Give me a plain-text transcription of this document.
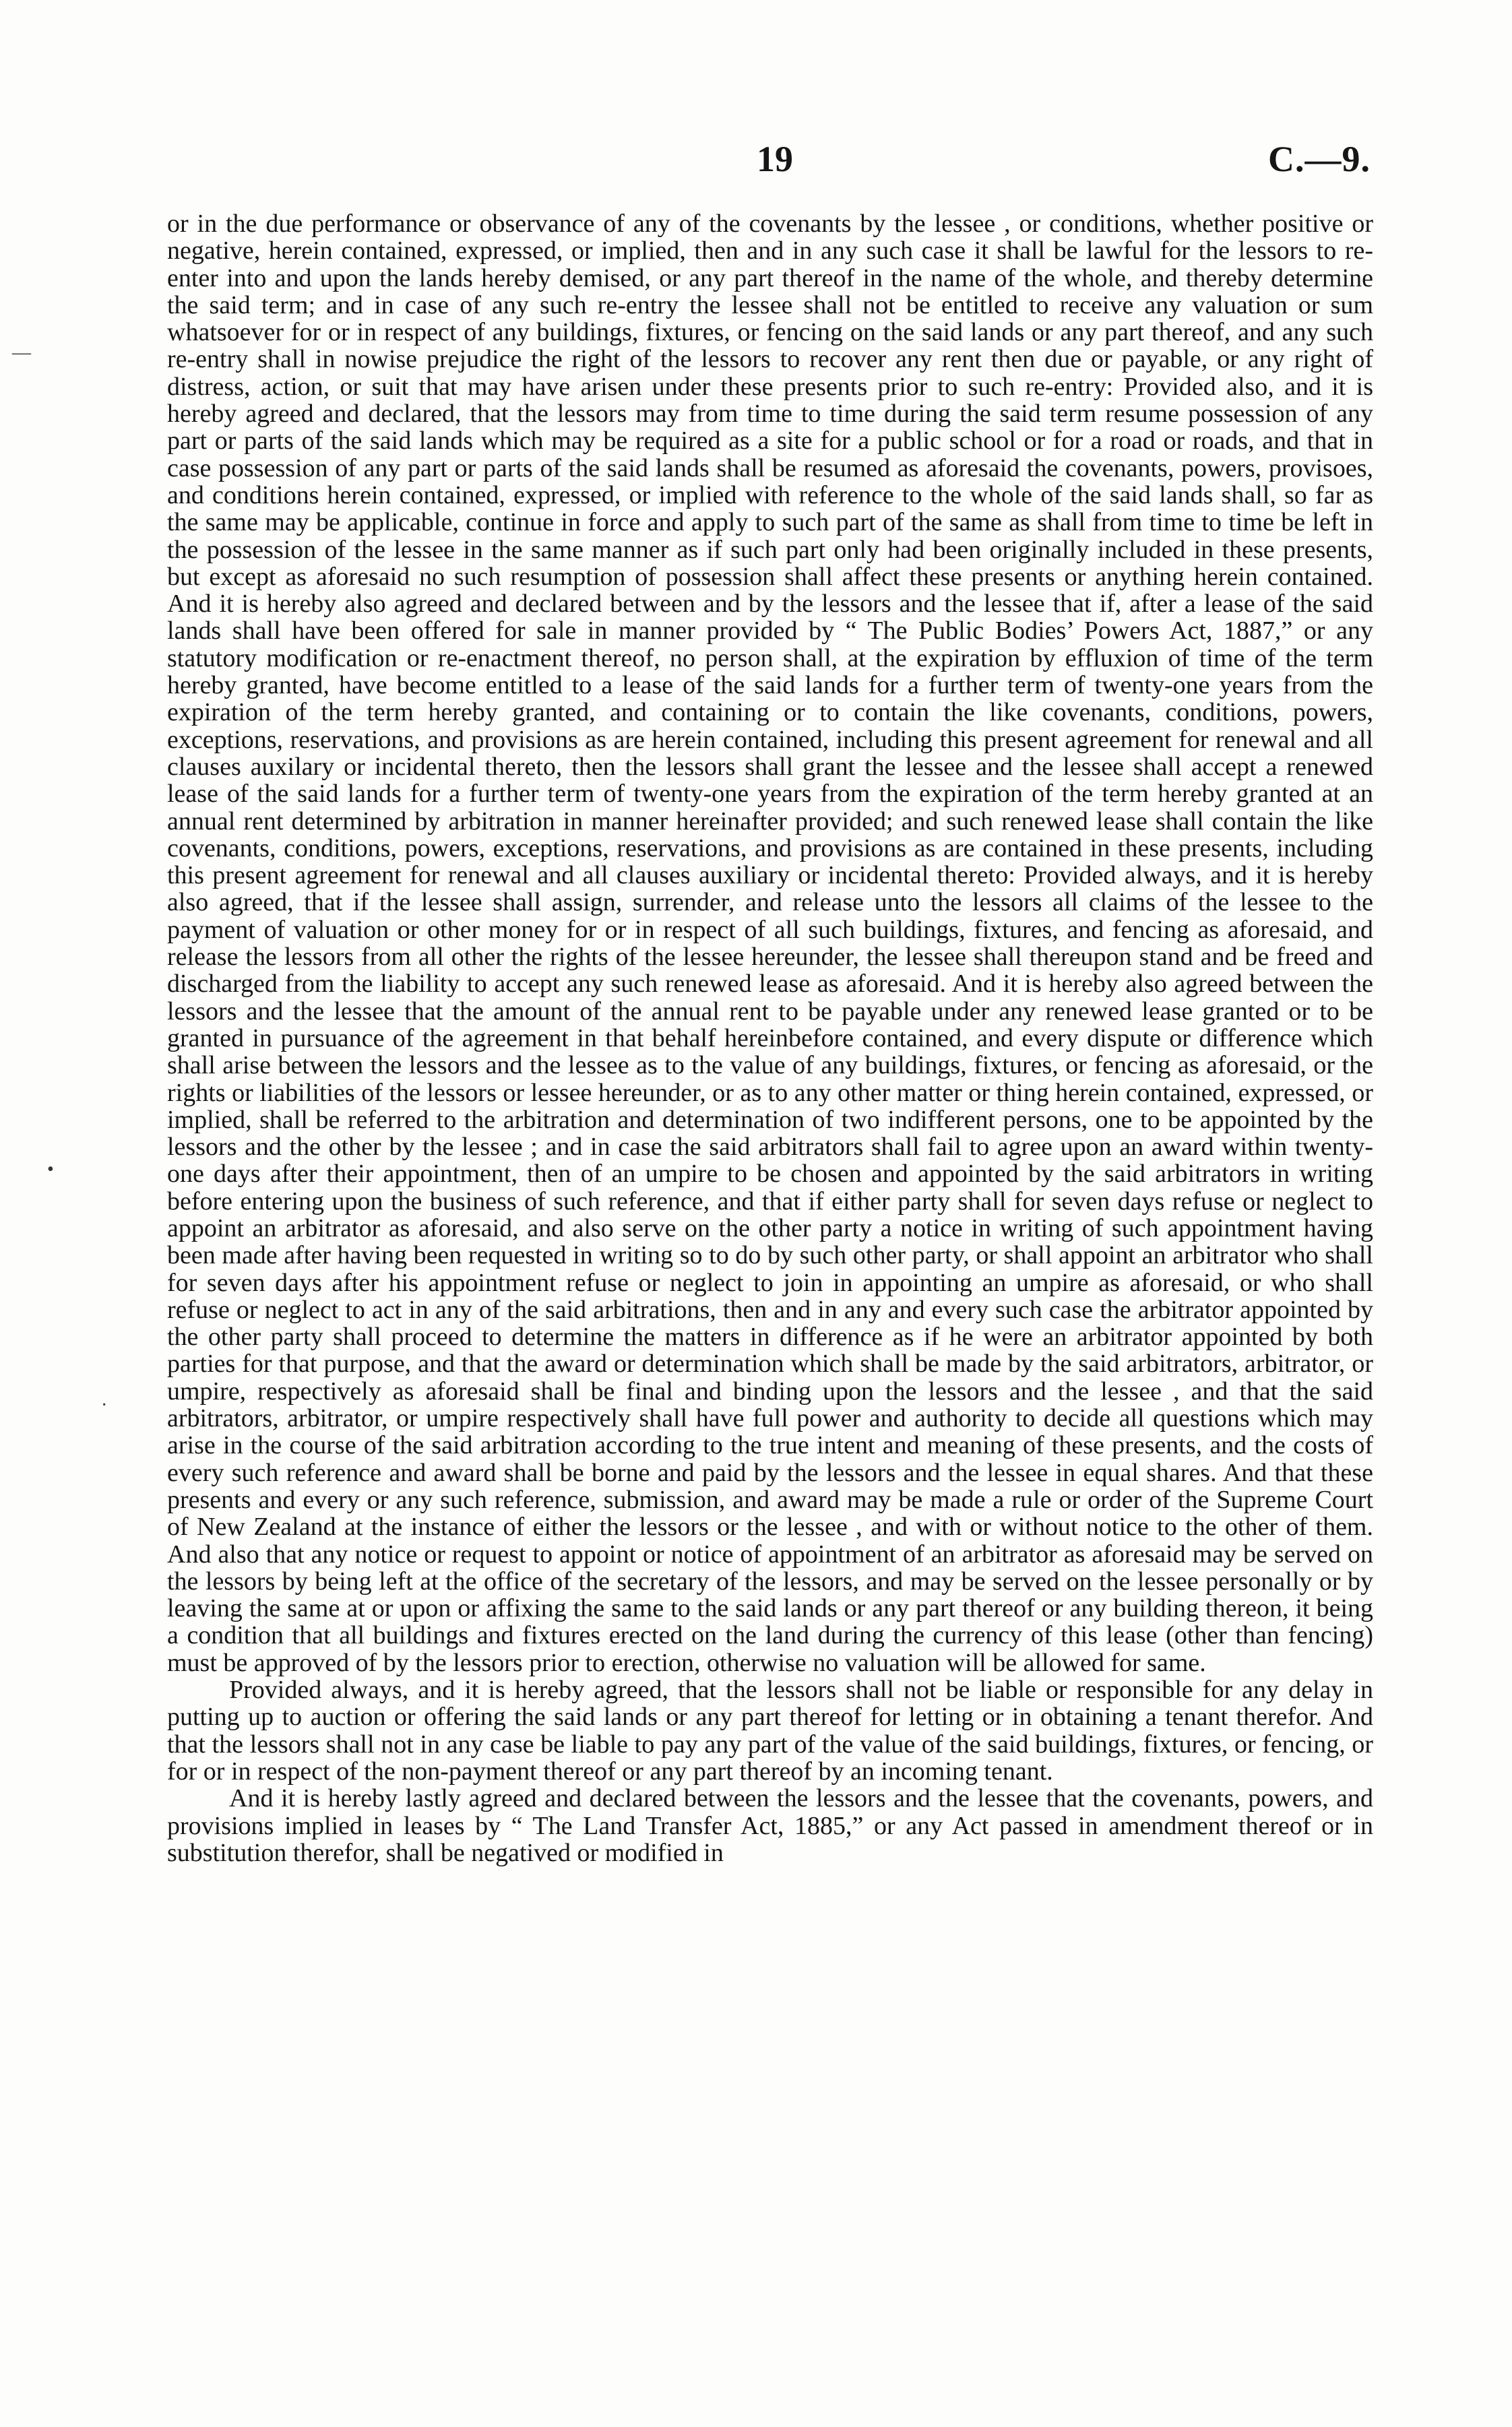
19	C.—9.
—
•
·

or in the due performance or observance of any of the covenants by the lessee , or conditions, whether positive or negative, herein contained, expressed, or implied, then and in any such case it shall be lawful for the lessors to re-enter into and upon the lands hereby demised, or any part thereof in the name of the whole, and thereby determine the said term; and in case of any such re-entry the lessee shall not be entitled to receive any valuation or sum whatsoever for or in respect of any buildings, fixtures, or fencing on the said lands or any part thereof, and any such re-entry shall in nowise prejudice the right of the lessors to recover any rent then due or payable, or any right of distress, action, or suit that may have arisen under these presents prior to such re-entry: Provided also, and it is hereby agreed and declared, that the lessors may from time to time during the said term resume possession of any part or parts of the said lands which may be required as a site for a public school or for a road or roads, and that in case possession of any part or parts of the said lands shall be resumed as aforesaid the covenants, powers, provisoes, and conditions herein contained, expressed, or implied with reference to the whole of the said lands shall, so far as the same may be applicable, continue in force and apply to such part of the same as shall from time to time be left in the possession of the lessee in the same manner as if such part only had been originally included in these presents, but except as aforesaid no such resumption of possession shall affect these presents or anything herein contained. And it is hereby also agreed and declared between and by the lessors and the lessee that if, after a lease of the said lands shall have been offered for sale in manner provided by “ The Public Bodies’ Powers Act, 1887,” or any statutory modification or re-enactment thereof, no person shall, at the expiration by effluxion of time of the term hereby granted, have become entitled to a lease of the said lands for a further term of twenty-one years from the expiration of the term hereby granted, and containing or to contain the like covenants, conditions, powers, exceptions, reservations, and provisions as are herein contained, including this present agreement for renewal and all clauses auxilary or incidental thereto, then the lessors shall grant the lessee and the lessee shall accept a renewed lease of the said lands for a further term of twenty-one years from the expiration of the term hereby granted at an annual rent determined by arbitration in manner hereinafter provided; and such renewed lease shall contain the like covenants, conditions, powers, exceptions, reservations, and provisions as are contained in these presents, including this present agreement for renewal and all clauses auxiliary or incidental thereto: Provided always, and it is hereby also agreed, that if the lessee shall assign, surrender, and release unto the lessors all claims of the lessee to the payment of valuation or other money for or in respect of all such buildings, fixtures, and fencing as aforesaid, and release the lessors from all other the rights of the lessee hereunder, the lessee shall thereupon stand and be freed and discharged from the liability to accept any such renewed lease as aforesaid. And it is hereby also agreed between the lessors and the lessee that the amount of the annual rent to be payable under any renewed lease granted or to be granted in pursuance of the agreement in that behalf hereinbefore contained, and every dispute or difference which shall arise between the lessors and the lessee as to the value of any buildings, fixtures, or fencing as aforesaid, or the rights or liabilities of the lessors or lessee hereunder, or as to any other matter or thing herein contained, expressed, or implied, shall be referred to the arbitration and determination of two indifferent persons, one to be appointed by the lessors and the other by the lessee ; and in case the said arbitrators shall fail to agree upon an award within twenty-one days after their appointment, then of an umpire to be chosen and appointed by the said arbitrators in writing before entering upon the business of such reference, and that if either party shall for seven days refuse or neglect to appoint an arbitrator as aforesaid, and also serve on the other party a notice in writing of such appointment having been made after having been requested in writing so to do by such other party, or shall appoint an arbitrator who shall for seven days after his appointment refuse or neglect to join in appointing an umpire as aforesaid, or who shall refuse or neglect to act in any of the said arbitrations, then and in any and every such case the arbitrator appointed by the other party shall proceed to determine the matters in difference as if he were an arbitrator appointed by both parties for that purpose, and that the award or determination which shall be made by the said arbitrators, arbitrator, or umpire, respectively as aforesaid shall be final and binding upon the lessors and the lessee , and that the said arbitrators, arbitrator, or umpire respectively shall have full power and authority to decide all questions which may arise in the course of the said arbitration according to the true intent and meaning of these presents, and the costs of every such reference and award shall be borne and paid by the lessors and the lessee in equal shares. And that these presents and every or any such reference, submission, and award may be made a rule or order of the Supreme Court of New Zealand at the instance of either the lessors or the lessee , and with or without notice to the other of them. And also that any notice or request to appoint or notice of appointment of an arbitrator as aforesaid may be served on the lessors by being left at the office of the secretary of the lessors, and may be served on the lessee personally or by leaving the same at or upon or affixing the same to the said lands or any part thereof or any building thereon, it being a condition that all buildings and fixtures erected on the land during the currency of this lease (other than fencing) must be approved of by the lessors prior to erection, otherwise no valuation will be allowed for same.

Provided always, and it is hereby agreed, that the lessors shall not be liable or responsible for any delay in putting up to auction or offering the said lands or any part thereof for letting or in obtaining a tenant therefor. And that the lessors shall not in any case be liable to pay any part of the value of the said buildings, fixtures, or fencing, or for or in respect of the non-payment thereof or any part thereof by an incoming tenant.

And it is hereby lastly agreed and declared between the lessors and the lessee that the covenants, powers, and provisions implied in leases by “ The Land Transfer Act, 1885,” or any Act passed in amendment thereof or in substitution therefor, shall be negatived or modified in
